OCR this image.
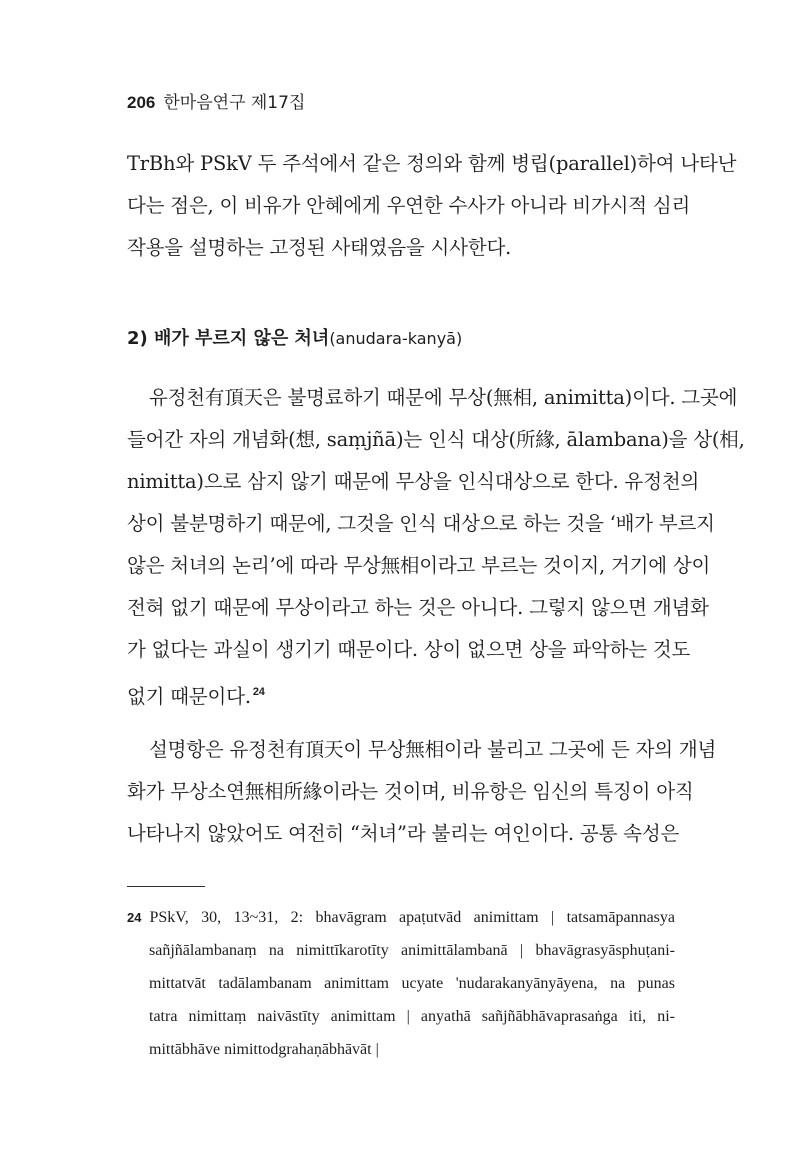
206 한마음연구 제17집
TrBh와 PSkV 두 주석에서 같은 정의와 함께 병립(parallel)하여 나타난
다는 점은, 이 비유가 안혜에게 우연한 수사가 아니라 비가시적 심리
작용을 설명하는 고정된 사태였음을 시사한다.
2) 배가 부르지 않은 처녀(anudara-kanyā)
유정천有頂天은 불명료하기 때문에 무상(無相, animitta)이다. 그곳에
들어간 자의 개념화(想, saṃjñā)는 인식 대상(所緣, ālambana)을 상(相,
nimitta)으로 삼지 않기 때문에 무상을 인식대상으로 한다. 유정천의
상이 불분명하기 때문에, 그것을 인식 대상으로 하는 것을 ‘배가 부르지
않은 처녀의 논리’에 따라 무상無相이라고 부르는 것이지, 거기에 상이
전혀 없기 때문에 무상이라고 하는 것은 아니다. 그렇지 않으면 개념화
가 없다는 과실이 생기기 때문이다. 상이 없으면 상을 파악하는 것도
없기 때문이다. $^{24}$
설명항은 유정천有頂天이 무상無相이라 불리고 그곳에 든 자의 개념
화가 무상소연無相所緣이라는 것이며, 비유항은 임신의 특징이 아직
나타나지 않았어도 여전히 “처녀”라 불리는 여인이다. 공통 속성은
24 PSkV, 30, 13~31, 2: bhavāgram apaṭutvād animittam | tatsamāpannasya
sañjñālambanaṃ na nimittīkarotīty animittālambanā | bhavāgrasyāsphuṭani-
mittatvāt tadālambanam animittam ucyate 'nudarakanyānyāyena, na punas
tatra nimittaṃ naivāstīty animittam | anyathā sañjñābhāvaprasaṅga iti, ni-
mittābhāve nimittodgrahaṇābhāvāt |
